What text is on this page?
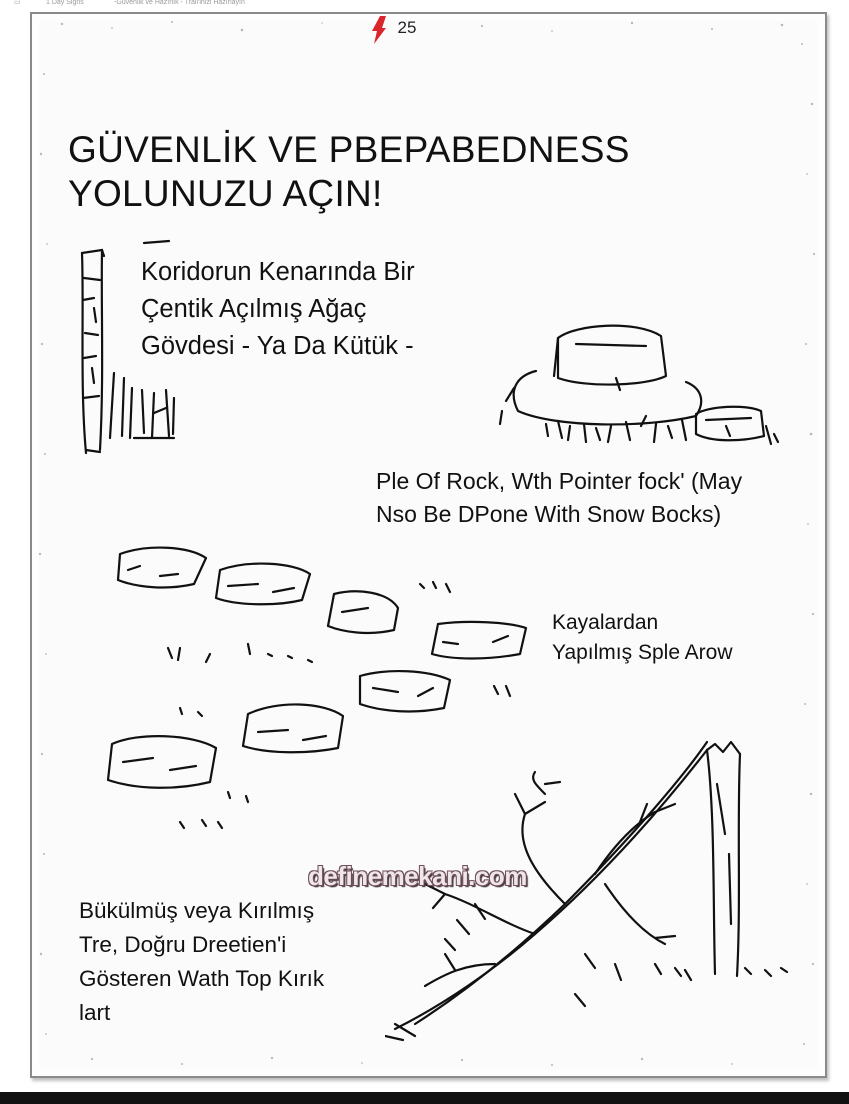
▭	1 Day Signs	-Güvenlik ve Hazırlık - Trail'inizi Hazırlayın
25
GÜVENLİK VE PBEPABEDNESS
YOLUNUZU AÇIN!
Koridorun Kenarında Bir
Çentik Açılmış Ağaç
Gövdesi - Ya Da Kütük -
Ple Of Rock, Wth Pointer fock' (May
Nso Be DPone With Snow Bocks)
Kayalardan
Yapılmış Sple Arow
Bükülmüş veya Kırılmış
Tre, Doğru Dreetien'i
Gösteren Wath Top Kırık
lart
definemekani.com
